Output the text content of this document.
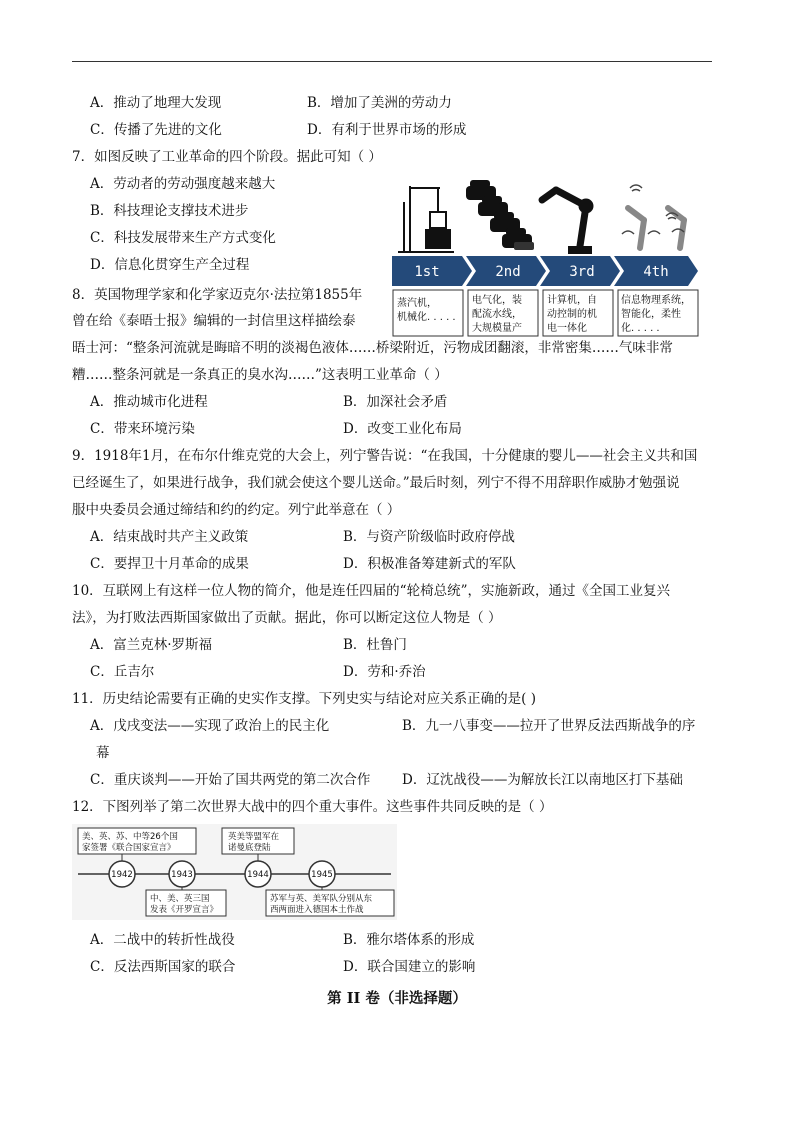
A．推动了地理大发现	B．增加了美洲的劳动力
C．传播了先进的文化	D．有利于世界市场的形成
7．如图反映了工业革命的四个阶段。据此可知（ ）
A．劳动者的劳动强度越来越大
B．科技理论支撑技术进步
C．科技发展带来生产方式变化
D．信息化贯穿生产全过程	1st	2nd	3rd	4th
蒸汽机，
机械化. . . . .
电气化，装
配流水线，
大规模量产
计算机，自
动控制的机
电一体化
信息物理系统，
智能化，柔性
化. . . . .
8．英国物理学家和化学家迈克尔·法拉第1855年
曾在给《泰晤士报》编辑的一封信里这样描绘泰
晤士河：“整条河流就是晦暗不明的淡褐色液体……桥梁附近，污物成团翻滚，非常密集……气味非常
糟……整条河就是一条真正的臭水沟……”这表明工业革命（ ）
A．推动城市化进程	B．加深社会矛盾
C．带来环境污染	D．改变工业化布局
9．1918年1月，在布尔什维克党的大会上，列宁警告说：“在我国，十分健康的婴儿——社会主义共和国
已经诞生了，如果进行战争，我们就会使这个婴儿送命。”最后时刻，列宁不得不用辞职作威胁才勉强说
服中央委员会通过缔结和约的约定。列宁此举意在（ ）
A．结束战时共产主义政策	B．与资产阶级临时政府停战
C．要捍卫十月革命的成果	D．积极准备筹建新式的军队
10．互联网上有这样一位人物的简介，他是连任四届的“轮椅总统”，实施新政，通过《全国工业复兴
法》，为打败法西斯国家做出了贡献。据此，你可以断定这位人物是（ ）
A．富兰克林·罗斯福	B．杜鲁门
C．丘吉尔	D．劳和·乔治
11．历史结论需要有正确的史实作支撑。下列史实与结论对应关系正确的是( )
A．戊戌变法——实现了政治上的民主化	B．九一八事变——拉开了世界反法西斯战争的序
幕
C．重庆谈判——开始了国共两党的第二次合作 D．辽沈战役——为解放长江以南地区打下基础
12．下图列举了第二次世界大战中的四个重大事件。这些事件共同反映的是（ ）
1942	1943	1944	1945
美、英、苏、中等26个国
家签署《联合国家宣言》
中、美、英三国
发表《开罗宣言》
英美等盟军在
诺曼底登陆
苏军与英、美军队分别从东
西两面进入德国本土作战
A．二战中的转折性战役	B．雅尔塔体系的形成
C．反法西斯国家的联合	D．联合国建立的影响
第 II 卷（非选择题）
